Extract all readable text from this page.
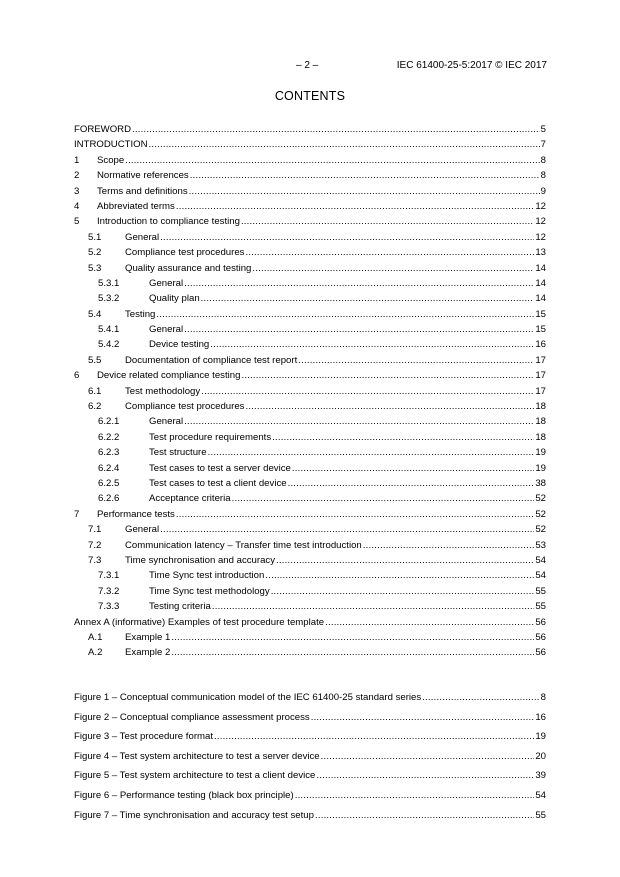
– 2 –	IEC 61400-25-5:2017 © IEC 2017
CONTENTS
FOREWORD .....	5
INTRODUCTION .....	7
1 Scope .....	8
2 Normative references .....	8
3 Terms and definitions .....	9
4 Abbreviated terms .....	12
5 Introduction to compliance testing .....	12
5.1 General .....	12
5.2 Compliance test procedures .....	13
5.3 Quality assurance and testing .....	14
5.3.1	General .....	14
5.3.2	Quality plan .....	14
5.4 Testing .....	15
5.4.1	General .....	15
5.4.2	Device testing .....	16
5.5 Documentation of compliance test report .....	17
6 Device related compliance testing .....	17
6.1 Test methodology .....	17
6.2 Compliance test procedures .....	18
6.2.1	General .....	18
6.2.2	Test procedure requirements .....	18
6.2.3	Test structure .....	19
6.2.4	Test cases to test a server device .....	19
6.2.5	Test cases to test a client device .....	38
6.2.6	Acceptance criteria .....	52
7 Performance tests .....	52
7.1 General .....	52
7.2 Communication latency – Transfer time test introduction .....	53
7.3 Time synchronisation and accuracy .....	54
7.3.1	Time Sync test introduction .....	54
7.3.2	Time Sync test methodology .....	55
7.3.3	Testing criteria .....	55
Annex A (informative) Examples of test procedure template .....	56
A.1 Example 1 .....	56
A.2 Example 2 .....	56
Figure 1 – Conceptual communication model of the IEC 61400-25 standard series .....	8
Figure 2 – Conceptual compliance assessment process .....	16
Figure 3 – Test procedure format .....	19
Figure 4 – Test system architecture to test a server device .....	20
Figure 5 – Test system architecture to test a client device .....	39
Figure 6 – Performance testing (black box principle) .....	54
Figure 7 – Time synchronisation and accuracy test setup .....	55
